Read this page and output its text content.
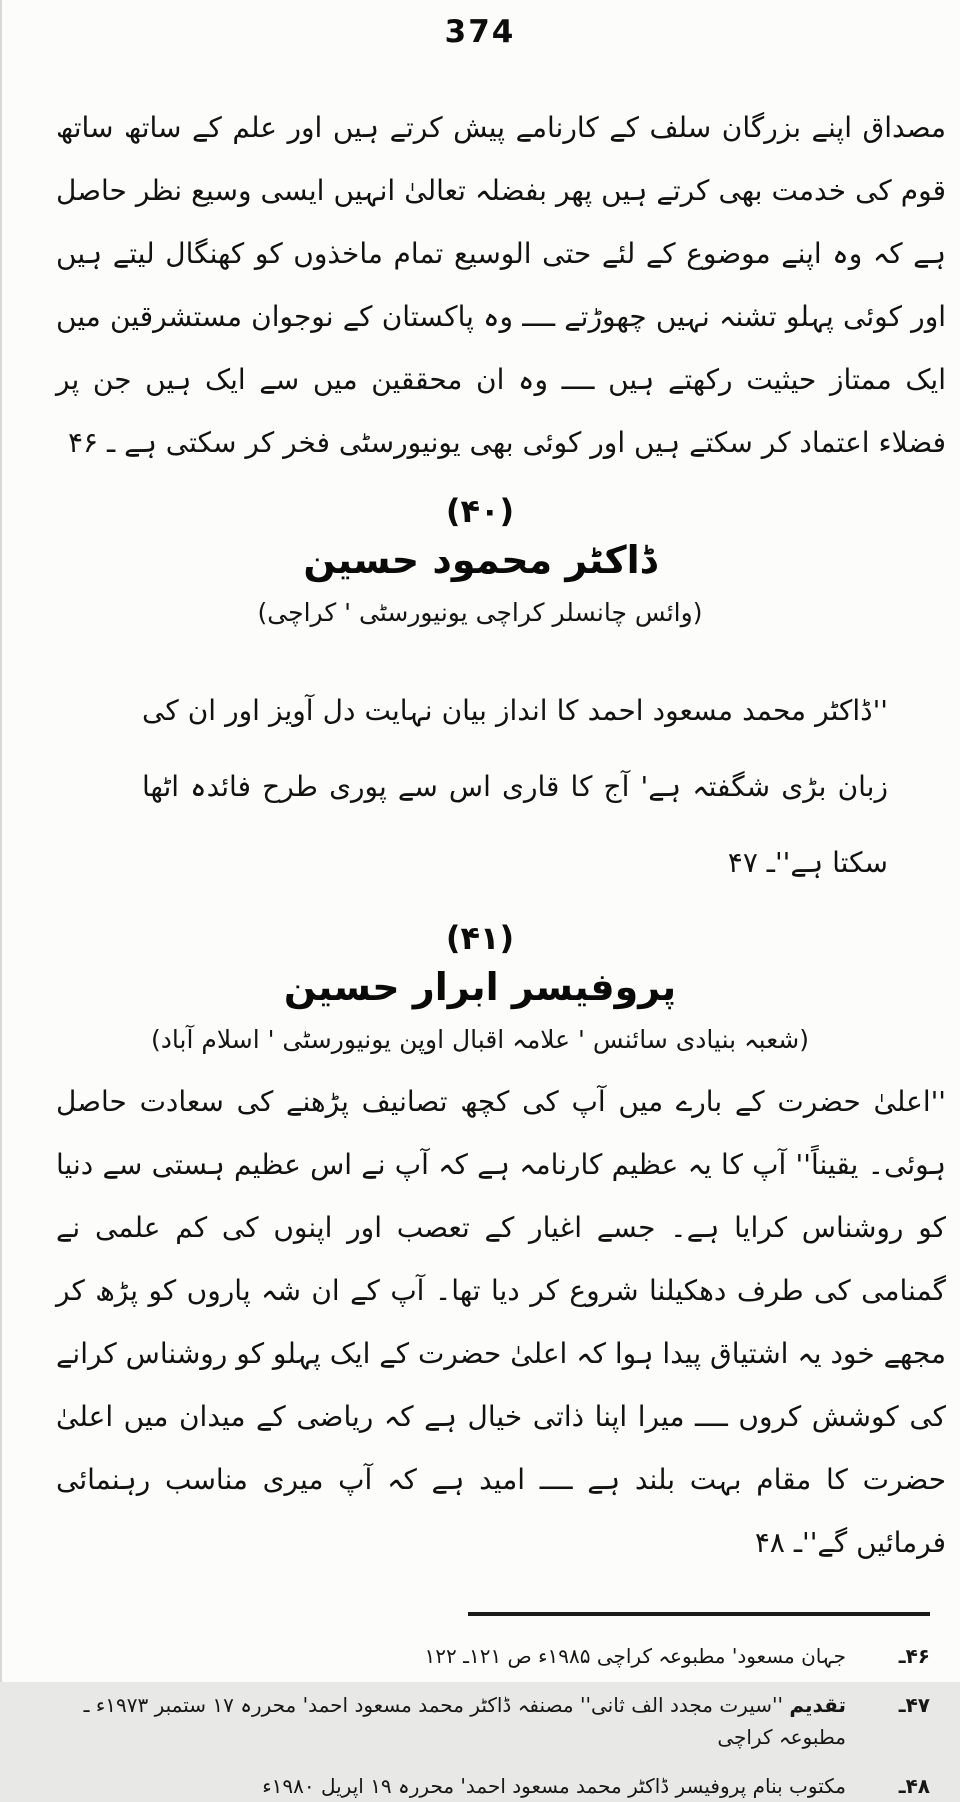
374

مصداق اپنے بزرگان سلف کے کارنامے پیش کرتے ہیں اور علم کے ساتھ ساتھ قوم کی خدمت بھی کرتے ہیں پھر بفضلہ تعالیٰ انہیں ایسی وسیع نظر حاصل ہے کہ وہ اپنے موضوع کے لئے حتی الوسیع تمام ماخذوں کو کھنگال لیتے ہیں اور کوئی پہلو تشنہ نہیں چھوڑتے ــــ وہ پاکستان کے نوجوان مستشرقین میں ایک ممتاز حیثیت رکھتے ہیں ــــ وہ ان محققین میں سے ایک ہیں جن پر فضلاء اعتماد کر سکتے ہیں اور کوئی بھی یونیورسٹی فخر کر سکتی ہے ـ ۴۶

(۴۰)
ڈاکٹر محمود حسین
(وائس چانسلر کراچی یونیورسٹی ' کراچی)

''ڈاکٹر محمد مسعود احمد کا انداز بیان نہایت دل آویز اور ان کی زبان بڑی شگفتہ ہے' آج کا قاری اس سے پوری طرح فائدہ اٹھا سکتا ہے''ـ ۴۷

(۴۱)
پروفیسر ابرار حسین
(شعبہ بنیادی سائنس ' علامہ اقبال اوپن یونیورسٹی ' اسلام آباد)

''اعلیٰ حضرت کے بارے میں آپ کی کچھ تصانیف پڑھنے کی سعادت حاصل ہوئی۔ یقیناً'' آپ کا یہ عظیم کارنامہ ہے کہ آپ نے اس عظیم ہستی سے دنیا کو روشناس کرایا ہے۔ جسے اغیار کے تعصب اور اپنوں کی کم علمی نے گمنامی کی طرف دھکیلنا شروع کر دیا تھا۔ آپ کے ان شہ پاروں کو پڑھ کر مجھے خود یہ اشتیاق پیدا ہوا کہ اعلیٰ حضرت کے ایک پہلو کو روشناس کرانے کی کوشش کروں ــــ میرا اپنا ذاتی خیال ہے کہ ریاضی کے میدان میں اعلیٰ حضرت کا مقام بہت بلند ہے ــــ امید ہے کہ آپ میری مناسب رہنمائی فرمائیں گے''ـ ۴۸

۴۶ـ
جہان مسعود' مطبوعہ کراچی ۱۹۸۵ء ص ۱۲۱ـ ۱۲۲
۴۷ـ
تقدیم ''سیرت مجدد الف ثانی'' مصنفہ ڈاکٹر محمد مسعود احمد' محررہ ۱۷ ستمبر ۱۹۷۳ء ـ مطبوعہ کراچی
۴۸ـ
مکتوب بنام پروفیسر ڈاکٹر محمد مسعود احمد' محررہ ۱۹ اپریل ۱۹۸۰ء
